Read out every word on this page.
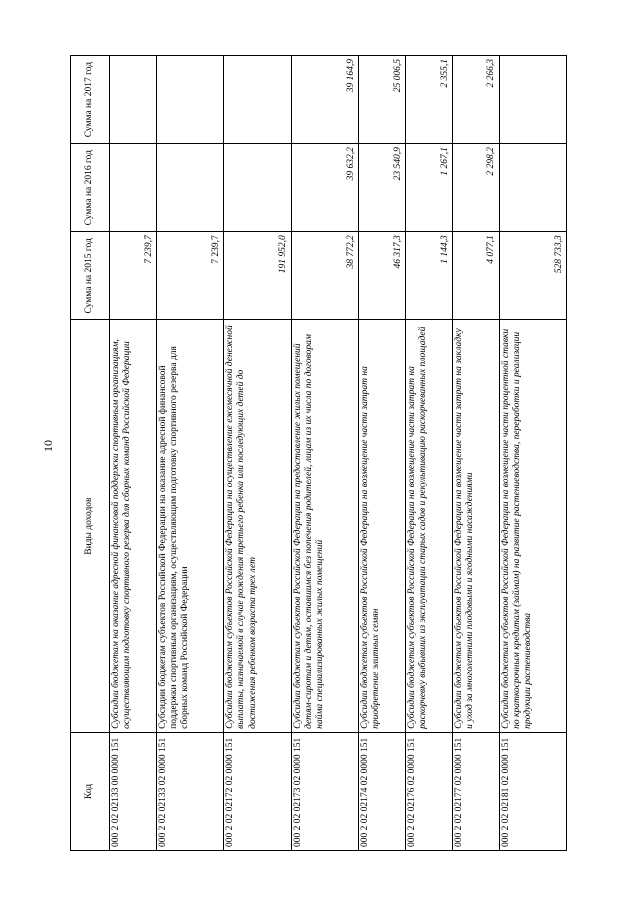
10
Код	Виды доходов	Сумма на 2015 год	Сумма на 2016 год	Сумма на 2017 год
000 2 02 02133 00 0000 151	Субсидии бюджетам на оказание адресной финансовой поддержки спортивным организациям, осуществляющим подготовку спортивного резерва для сборных команд Российской Федерации	7 239,7		
000 2 02 02133 02 0000 151	Субсидии бюджетам субъектов Российской Федерации на оказание адресной финансовой поддержки спортивным организациям, осуществляющим подготовку спортивного резерва для сборных команд Российской Федерации	7 239,7		
000 2 02 02172 02 0000 151	Субсидии бюджетам субъектов Российской Федерации на осуществление ежемесячной денежной выплаты, назначаемой в случае рождения третьего ребенка или последующих детей до достижения ребенком возраста трех лет	191 952,0		
000 2 02 02173 02 0000 151	Субсидии бюджетам субъектов Российской Федерации на предоставление жилых помещений детям-сиротам и детям, оставшимся без попечения родителей, лицам из их числа по договорам найма специализированных жилых помещений	38 772,2	39 632,2	39 164,9
000 2 02 02174 02 0000 151	Субсидии бюджетам субъектов Российской Федерации на возмещение части затрат на приобретение элитных семян	46 317,3	23 540,9	25 006,5
000 2 02 02176 02 0000 151	Субсидии бюджетам субъектов Российской Федерации на возмещение части затрат на раскорчевку выбывших из эксплуатации старых садов и рекультивацию раскорчеванных площадей	1 144,3	1 267,1	2 355,1
000 2 02 02177 02 0000 151	Субсидии бюджетам субъектов Российской Федерации на возмещение части затрат на закладку и уход за многолетними плодовыми и ягодными насаждениями	4 077,1	2 298,2	2 266,3
000 2 02 02181 02 0000 151	Субсидии бюджетам субъектов Российской Федерации на возмещение части процентной ставки по краткосрочным кредитам (займам) на развитие растениеводства, переработки и реализации продукции растениеводства	528 733,3		
